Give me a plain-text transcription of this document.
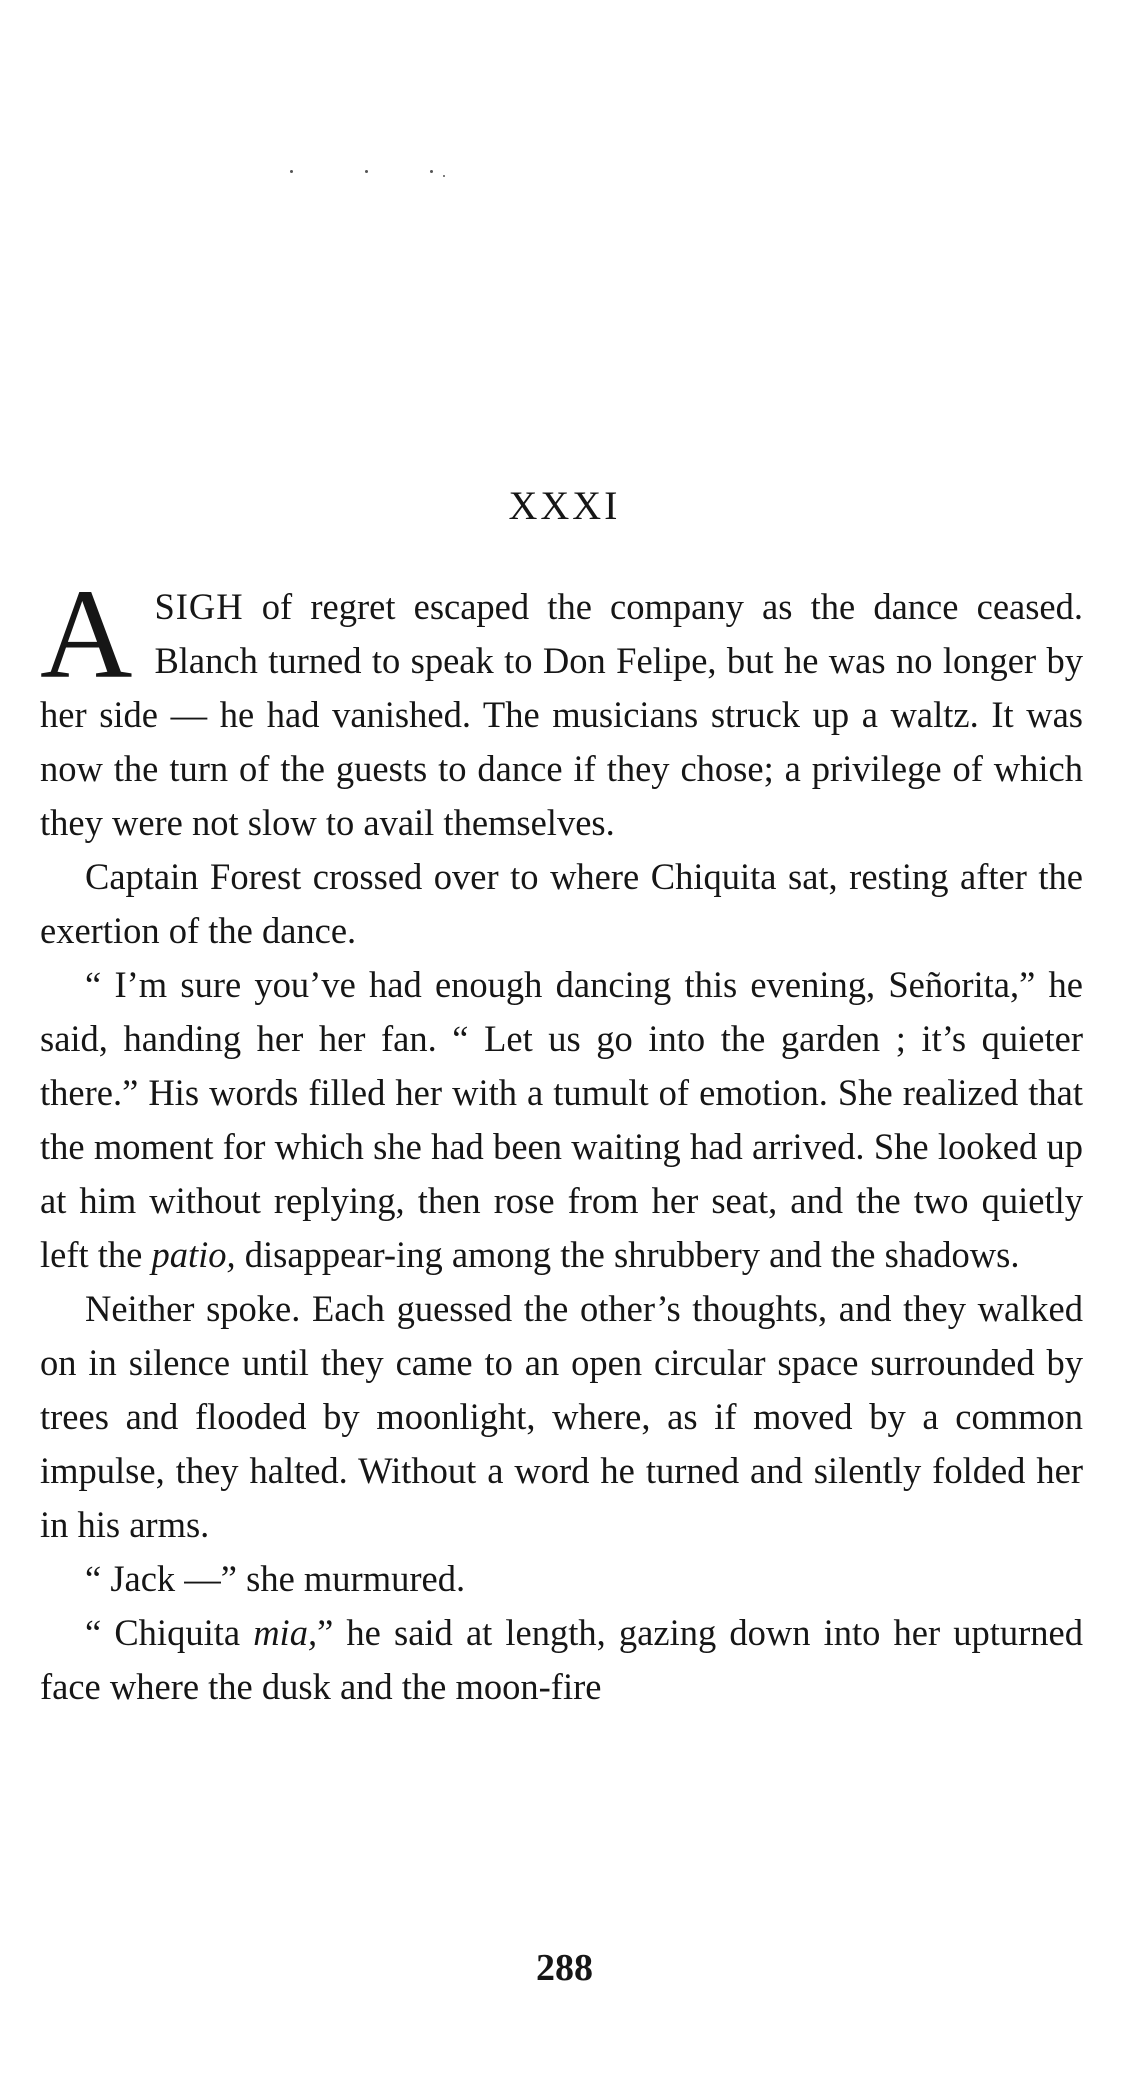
XXXI

ASIGH of regret escaped the company as the dance ceased. Blanch turned to speak to Don Felipe, but he was no longer by her side — he had vanished. The musicians struck up a waltz. It was now the turn of the guests to dance if they chose; a privilege of which they were not slow to avail themselves.

Captain Forest crossed over to where Chiquita sat, resting after the exertion of the dance.

“ I’m sure you’ve had enough dancing this evening, Señorita,” he said, handing her her fan. “ Let us go into the garden ; it’s quieter there.” His words filled her with a tumult of emotion. She realized that the moment for which she had been waiting had arrived. She looked up at him without replying, then rose from her seat, and the two quietly left the patio, disappear-ing among the shrubbery and the shadows.

Neither spoke. Each guessed the other’s thoughts, and they walked on in silence until they came to an open circular space surrounded by trees and flooded by moonlight, where, as if moved by a common impulse, they halted. Without a word he turned and silently folded her in his arms.

“ Jack —” she murmured.

“ Chiquita mia,” he said at length, gazing down into her upturned face where the dusk and the moon-fire

288
